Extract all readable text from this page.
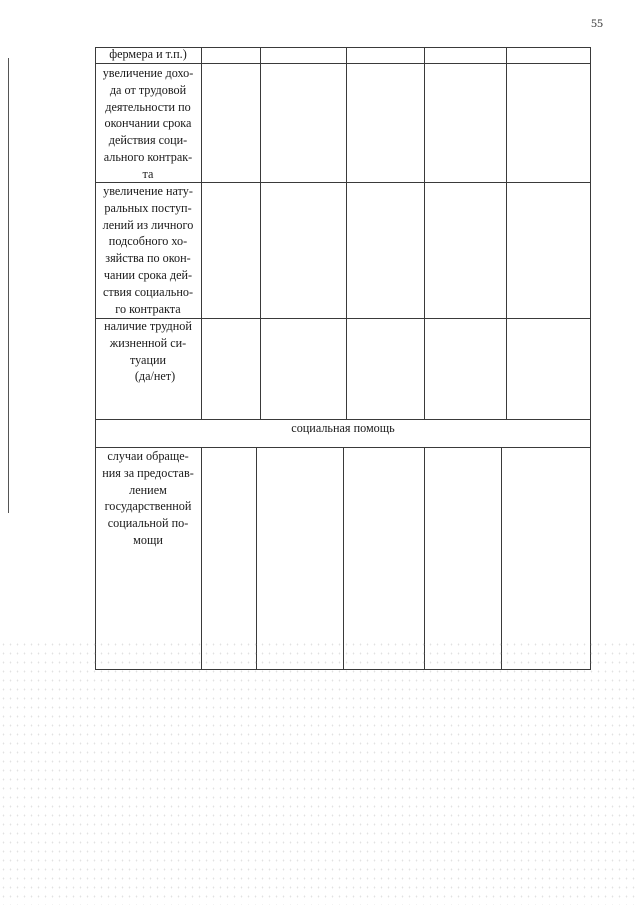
55
фермера и т.п.)
увеличение дохо-
да от трудовой
деятельности по
окончании срока
действия соци-
ального контрак-
та
увеличение нату-
ральных поступ-
лений из личного
подсобного хо-
зяйства по окон-
чании срока дей-
ствия социально-
го контракта
наличие трудной
жизненной си-
туации
(да/нет)
социальная помощь
случаи обраще-
ния за предостав-
лением
государственной
социальной по-
мощи
